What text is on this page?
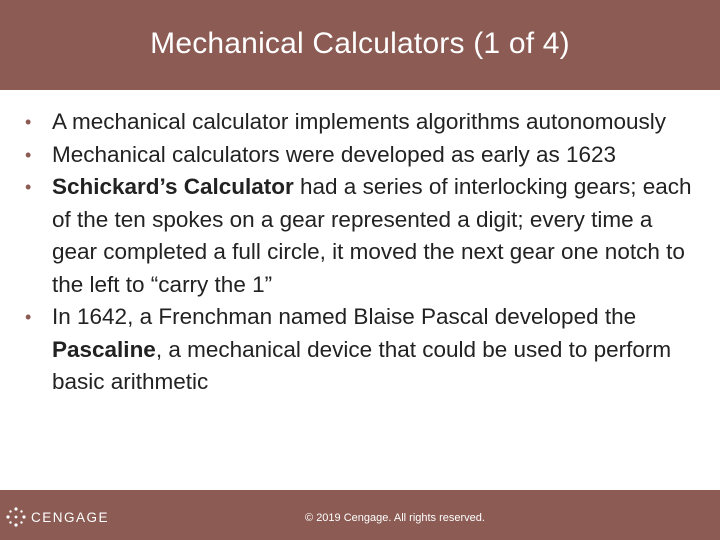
Mechanical Calculators (1 of 4)
• A mechanical calculator implements algorithms autonomously
• Mechanical calculators were developed as early as 1623
• Schickard’s Calculator had a series of interlocking gears; each of the ten spokes on a gear represented a digit; every time a gear completed a full circle, it moved the next gear one notch to the left to “carry the 1”
• In 1642, a Frenchman named Blaise Pascal developed the Pascaline, a mechanical device that could be used to perform basic arithmetic
CENGAGE	© 2019 Cengage. All rights reserved.
